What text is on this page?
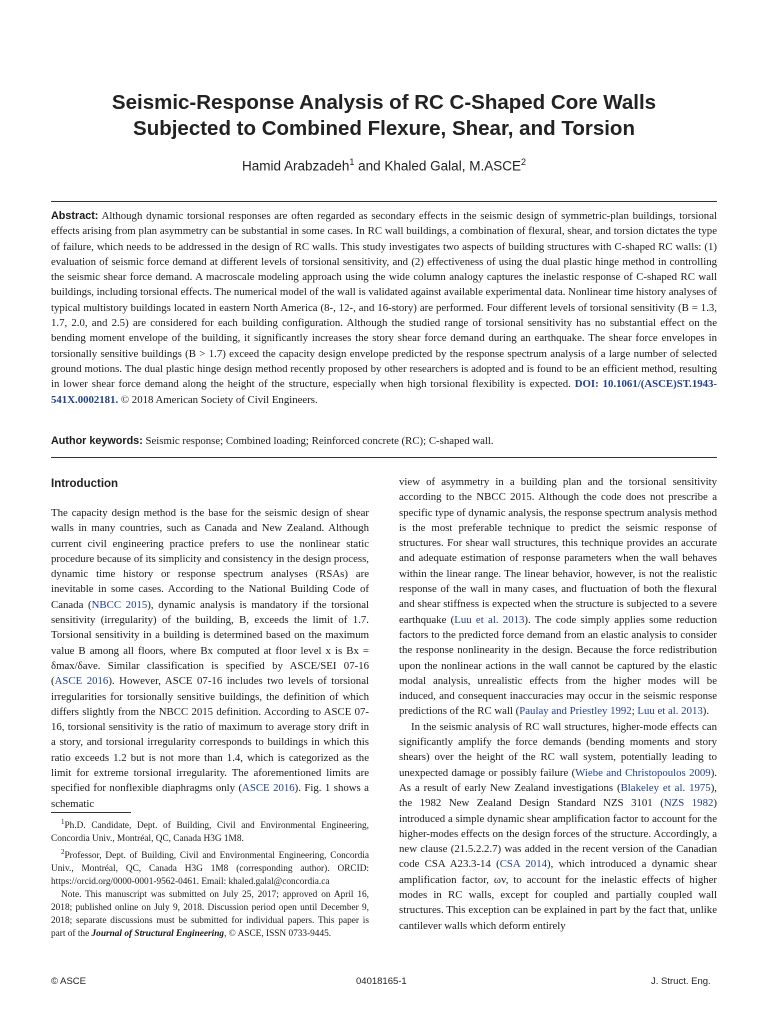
Seismic-Response Analysis of RC C-Shaped Core Walls
Subjected to Combined Flexure, Shear, and Torsion
Hamid Arabzadeh$^1$ and Khaled Galal, M.ASCE$^2$
Abstract: Although dynamic torsional responses are often regarded as secondary effects in the seismic design of symmetric-plan buildings, torsional effects arising from plan asymmetry can be substantial in some cases. In RC wall buildings, a combination of flexural, shear, and torsion dictates the type of failure, which needs to be addressed in the design of RC walls. This study investigates two aspects of building structures with C-shaped RC walls: (1) evaluation of seismic force demand at different levels of torsional sensitivity, and (2) effectiveness of using the dual plastic hinge method in controlling the seismic shear force demand. A macroscale modeling approach using the wide column analogy captures the inelastic response of C-shaped RC wall buildings, including torsional effects. The numerical model of the wall is validated against available experimental data. Nonlinear time history analyses of typical multistory buildings located in eastern North America (8-, 12-, and 16-story) are performed. Four different levels of torsional sensitivity (B = 1.3, 1.7, 2.0, and 2.5) are considered for each building configuration. Although the studied range of torsional sensitivity has no substantial effect on the bending moment envelope of the building, it significantly increases the story shear force demand during an earthquake. The shear force envelopes in torsionally sensitive buildings (B > 1.7) exceed the capacity design envelope predicted by the response spectrum analysis of a large number of selected ground motions. The dual plastic hinge design method recently proposed by other researchers is adopted and is found to be an efficient method, resulting in lower shear force demand along the height of the structure, especially when high torsional flexibility is expected. DOI: 10.1061/(ASCE)ST.1943-541X.0002181. © 2018 American Society of Civil Engineers.
Author keywords: Seismic response; Combined loading; Reinforced concrete (RC); C-shaped wall.
Introduction

The capacity design method is the base for the seismic design of shear walls in many countries, such as Canada and New Zealand. Although current civil engineering practice prefers to use the nonlinear static procedure because of its simplicity and consistency in the design process, dynamic time history or response spectrum analyses (RSAs) are inevitable in some cases. According to the National Building Code of Canada (NBCC 2015), dynamic analysis is mandatory if the torsional sensitivity (irregularity) of the building, B, exceeds the limit of 1.7. Torsional sensitivity in a building is determined based on the maximum value B among all floors, where Bx computed at floor level x is Bx = δmax/δave. Similar classification is specified by ASCE/SEI 07-16 (ASCE 2016). However, ASCE 07-16 includes two levels of torsional irregularities for torsionally sensitive buildings, the definition of which differs slightly from the NBCC 2015 definition. According to ASCE 07-16, torsional sensitivity is the ratio of maximum to average story drift in a story, and torsional irregularity corresponds to buildings in which this ratio exceeds 1.2 but is not more than 1.4, which is categorized as the limit for extreme torsional irregularity. The aforementioned limits are specified for nonflexible diaphragms only (ASCE 2016). Fig. 1 shows a schematic

view of asymmetry in a building plan and the torsional sensitivity according to the NBCC 2015. Although the code does not prescribe a specific type of dynamic analysis, the response spectrum analysis method is the most preferable technique to predict the seismic response of structures. For shear wall structures, this technique provides an accurate and adequate estimation of response parameters when the wall behaves within the linear range. The linear behavior, however, is not the realistic response of the wall in many cases, and fluctuation of both the flexural and shear stiffness is expected when the structure is subjected to a severe earthquake (Luu et al. 2013). The code simply applies some reduction factors to the predicted force demand from an elastic analysis to consider the response nonlinearity in the design. Because the force redistribution upon the nonlinear actions in the wall cannot be captured by the elastic modal analysis, unrealistic effects from the higher modes will be induced, and consequent inaccuracies may occur in the seismic response predictions of the RC wall (Paulay and Priestley 1992; Luu et al. 2013).

In the seismic analysis of RC wall structures, higher-mode effects can significantly amplify the force demands (bending moments and story shears) over the height of the RC wall system, potentially leading to unexpected damage or possibly failure (Wiebe and Christopoulos 2009). As a result of early New Zealand investigations (Blakeley et al. 1975), the 1982 New Zealand Design Standard NZS 3101 (NZS 1982) introduced a simple dynamic shear amplification factor to account for the higher-modes effects on the design forces of the structure. Accordingly, a new clause (21.5.2.2.7) was added in the recent version of the Canadian code CSA A23.3-14 (CSA 2014), which introduced a dynamic shear amplification factor, ωv, to account for the inelastic effects of higher modes in RC walls, except for coupled and partially coupled wall structures. This exception can be explained in part by the fact that, unlike cantilever walls which deform entirely

$^1$Ph.D. Candidate, Dept. of Building, Civil and Environmental Engineering, Concordia Univ., Montréal, QC, Canada H3G 1M8.

$^2$Professor, Dept. of Building, Civil and Environmental Engineering, Concordia Univ., Montréal, QC, Canada H3G 1M8 (corresponding author). ORCID: https://orcid.org/0000-0001-9562-0461. Email: khaled.galal@concordia.ca

Note. This manuscript was submitted on July 25, 2017; approved on April 16, 2018; published online on July 9, 2018. Discussion period open until December 9, 2018; separate discussions must be submitted for individual papers. This paper is part of the Journal of Structural Engineering, © ASCE, ISSN 0733-9445.

© ASCE	04018165-1	J. Struct. Eng.
